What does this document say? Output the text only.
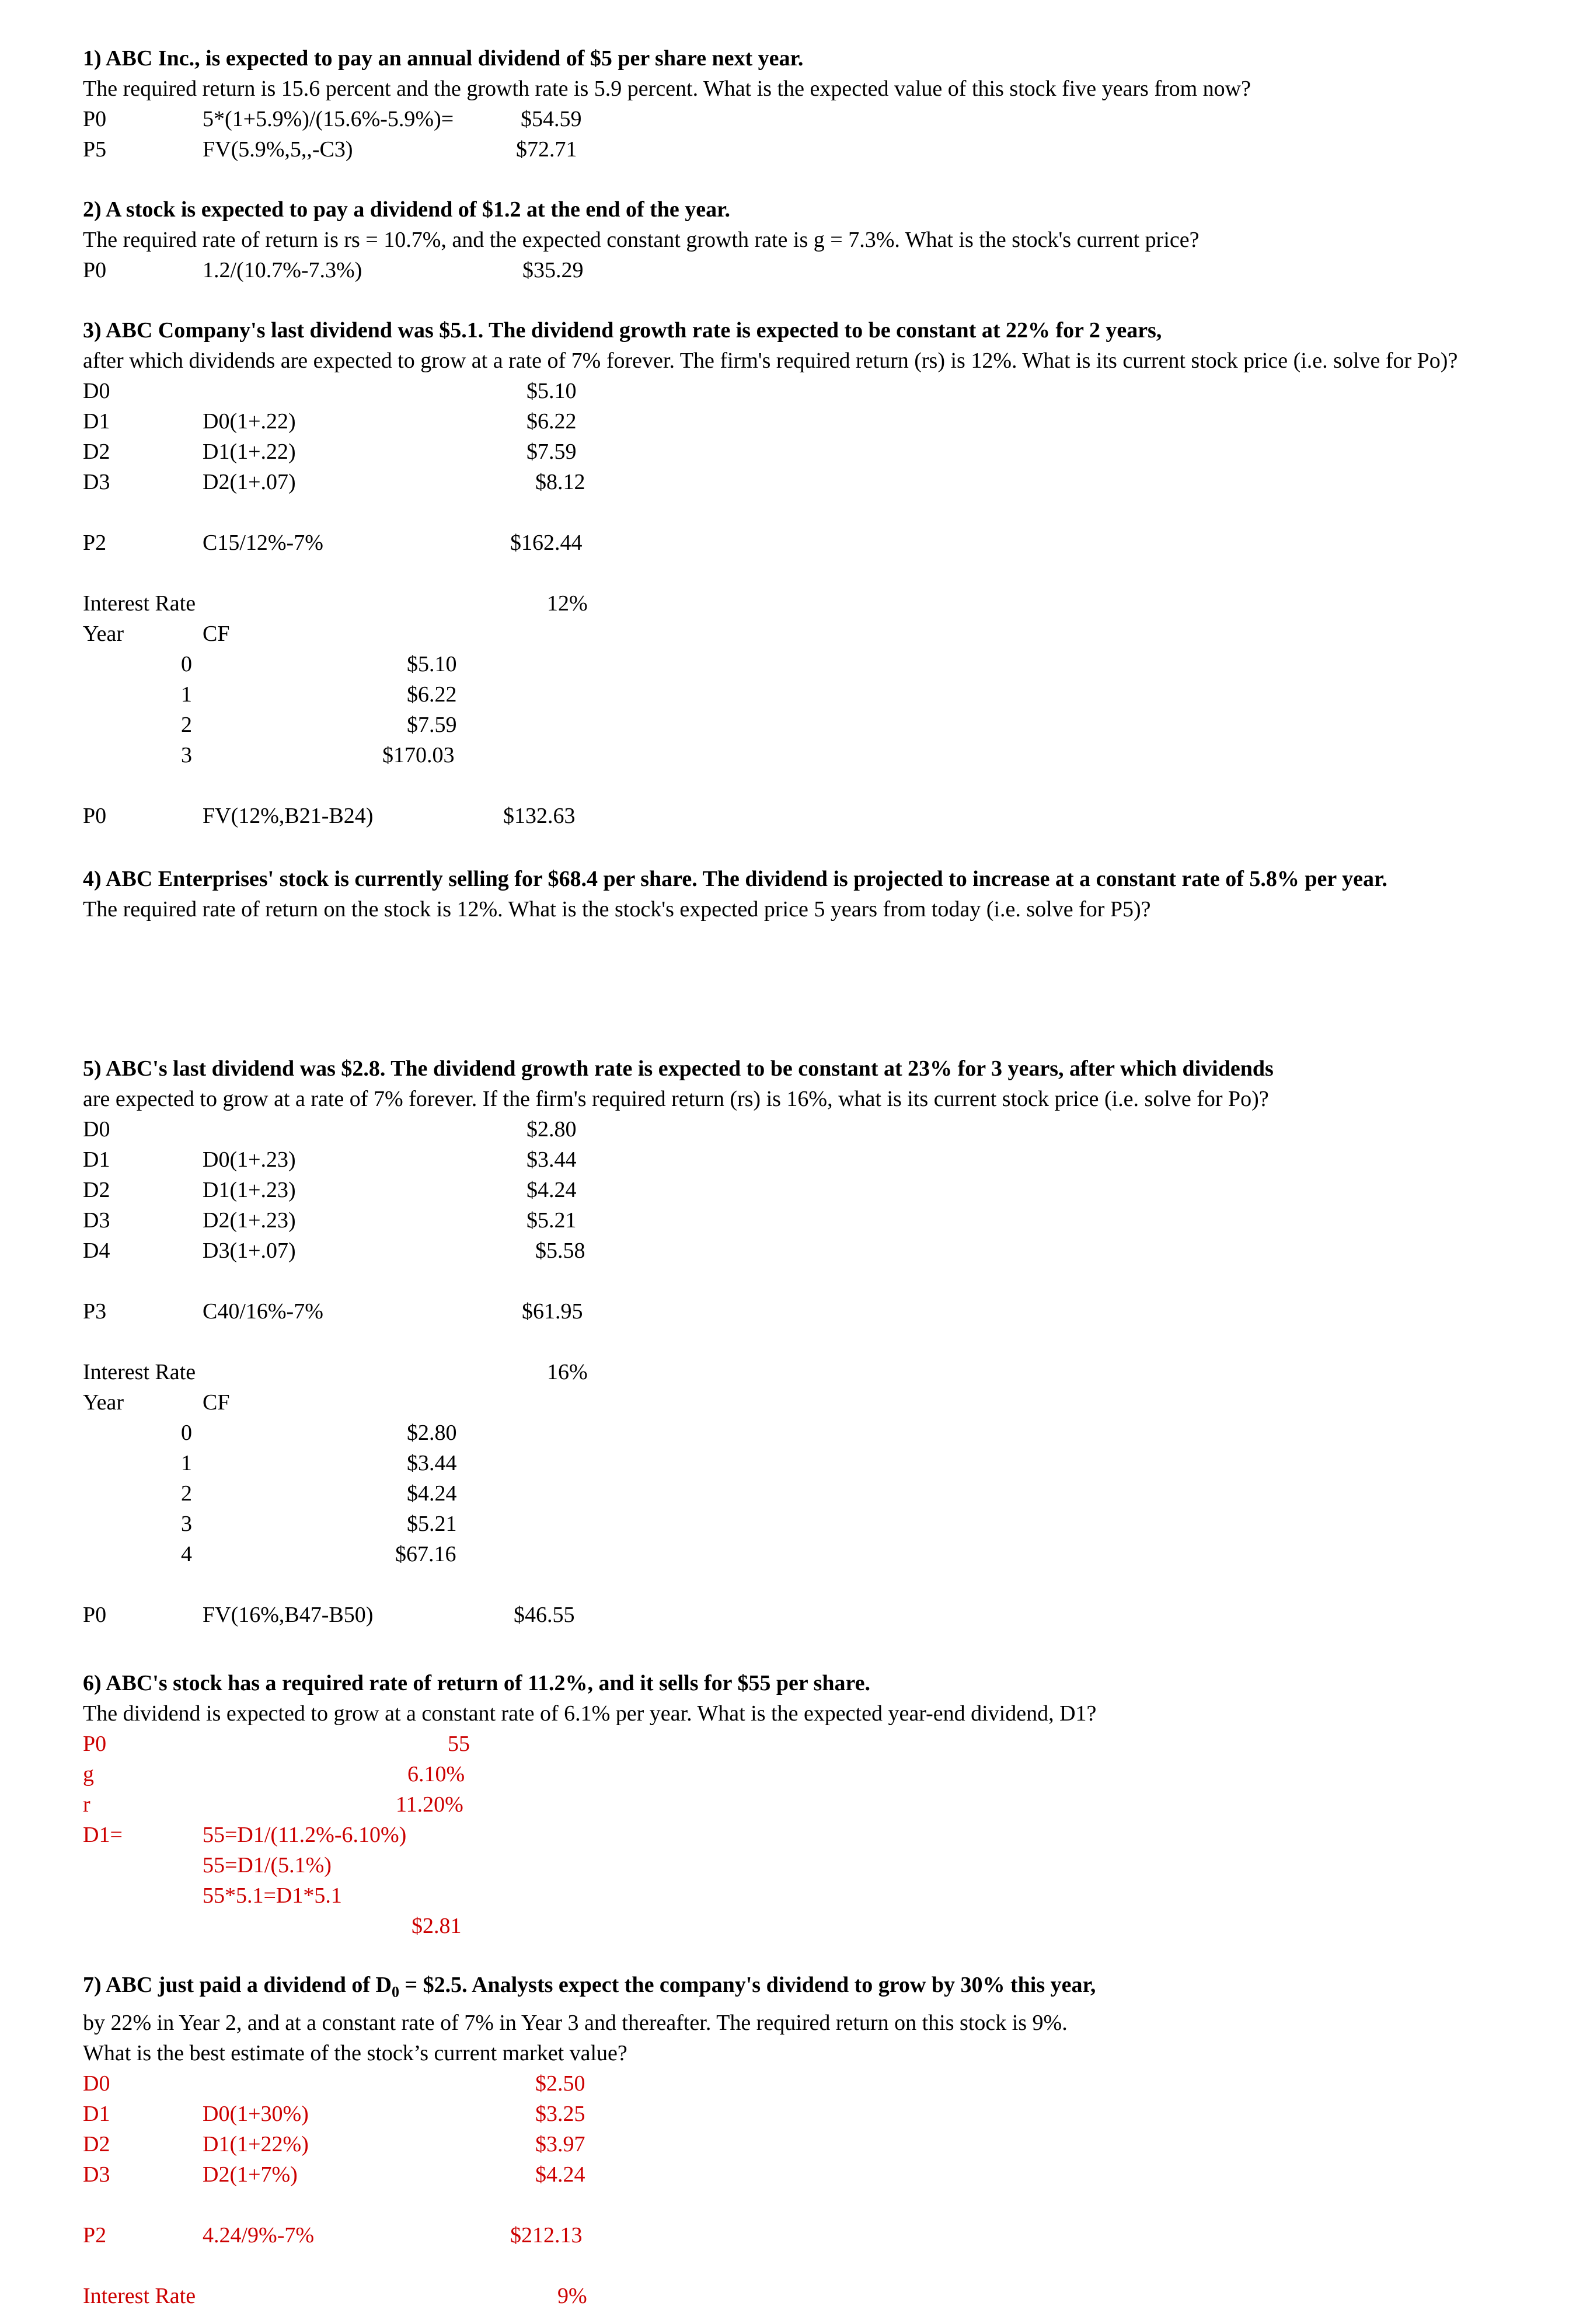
1) ABC Inc., is expected to pay an annual dividend of $5 per share next year.
The required return is 15.6 percent and the growth rate is 5.9 percent. What is the expected value of this stock five years from now?
P0	5*(1+5.9%)/(15.6%-5.9%)=	$54.59
P5	FV(5.9%,5,,-C3)	$72.71
2) A stock is expected to pay a dividend of $1.2 at the end of the year.
The required rate of return is rs = 10.7%, and the expected constant growth rate is g = 7.3%. What is the stock's current price?
P0	1.2/(10.7%-7.3%)	$35.29
3) ABC Company's last dividend was $5.1. The dividend growth rate is expected to be constant at 22% for 2 years,
after which dividends are expected to grow at a rate of 7% forever. The firm's required return (rs) is 12%. What is its current stock price (i.e. solve for Po)?
D0	$5.10
D1	D0(1+.22)	$6.22
D2	D1(1+.22)	$7.59
D3	D2(1+.07)	$8.12
P2	C15/12%-7%	$162.44
Interest Rate	12%
Year	CF
0	$5.10
1	$6.22
2	$7.59
3	$170.03
P0	FV(12%,B21-B24)	$132.63
4) ABC Enterprises' stock is currently selling for $68.4 per share. The dividend is projected to increase at a constant rate of 5.8% per year.
The required rate of return on the stock is 12%. What is the stock's expected price 5 years from today (i.e. solve for P5)?
5) ABC's last dividend was $2.8. The dividend growth rate is expected to be constant at 23% for 3 years, after which dividends
are expected to grow at a rate of 7% forever. If the firm's required return (rs) is 16%, what is its current stock price (i.e. solve for Po)?
D0	$2.80
D1	D0(1+.23)	$3.44
D2	D1(1+.23)	$4.24
D3	D2(1+.23)	$5.21
D4	D3(1+.07)	$5.58
P3	C40/16%-7%	$61.95
Interest Rate	16%
Year	CF
0	$2.80
1	$3.44
2	$4.24
3	$5.21
4	$67.16
P0	FV(16%,B47-B50)	$46.55
6) ABC's stock has a required rate of return of 11.2%, and it sells for $55 per share.
The dividend is expected to grow at a constant rate of 6.1% per year. What is the expected year-end dividend, D1?
P0	55
g	6.10%
r	11.20%
D1=	55=D1/(11.2%-6.10%)
55=D1/(5.1%)
55*5.1=D1*5.1
$2.81
7) ABC just paid a dividend of $D_0$ = $2.5. Analysts expect the company's dividend to grow by 30% this year,
by 22% in Year 2, and at a constant rate of 7% in Year 3 and thereafter. The required return on this stock is 9%.
What is the best estimate of the stock’s current market value?
D0	$2.50
D1	D0(1+30%)	$3.25
D2	D1(1+22%)	$3.97
D3	D2(1+7%)	$4.24
P2	4.24/9%-7%	$212.13
Interest Rate	9%
